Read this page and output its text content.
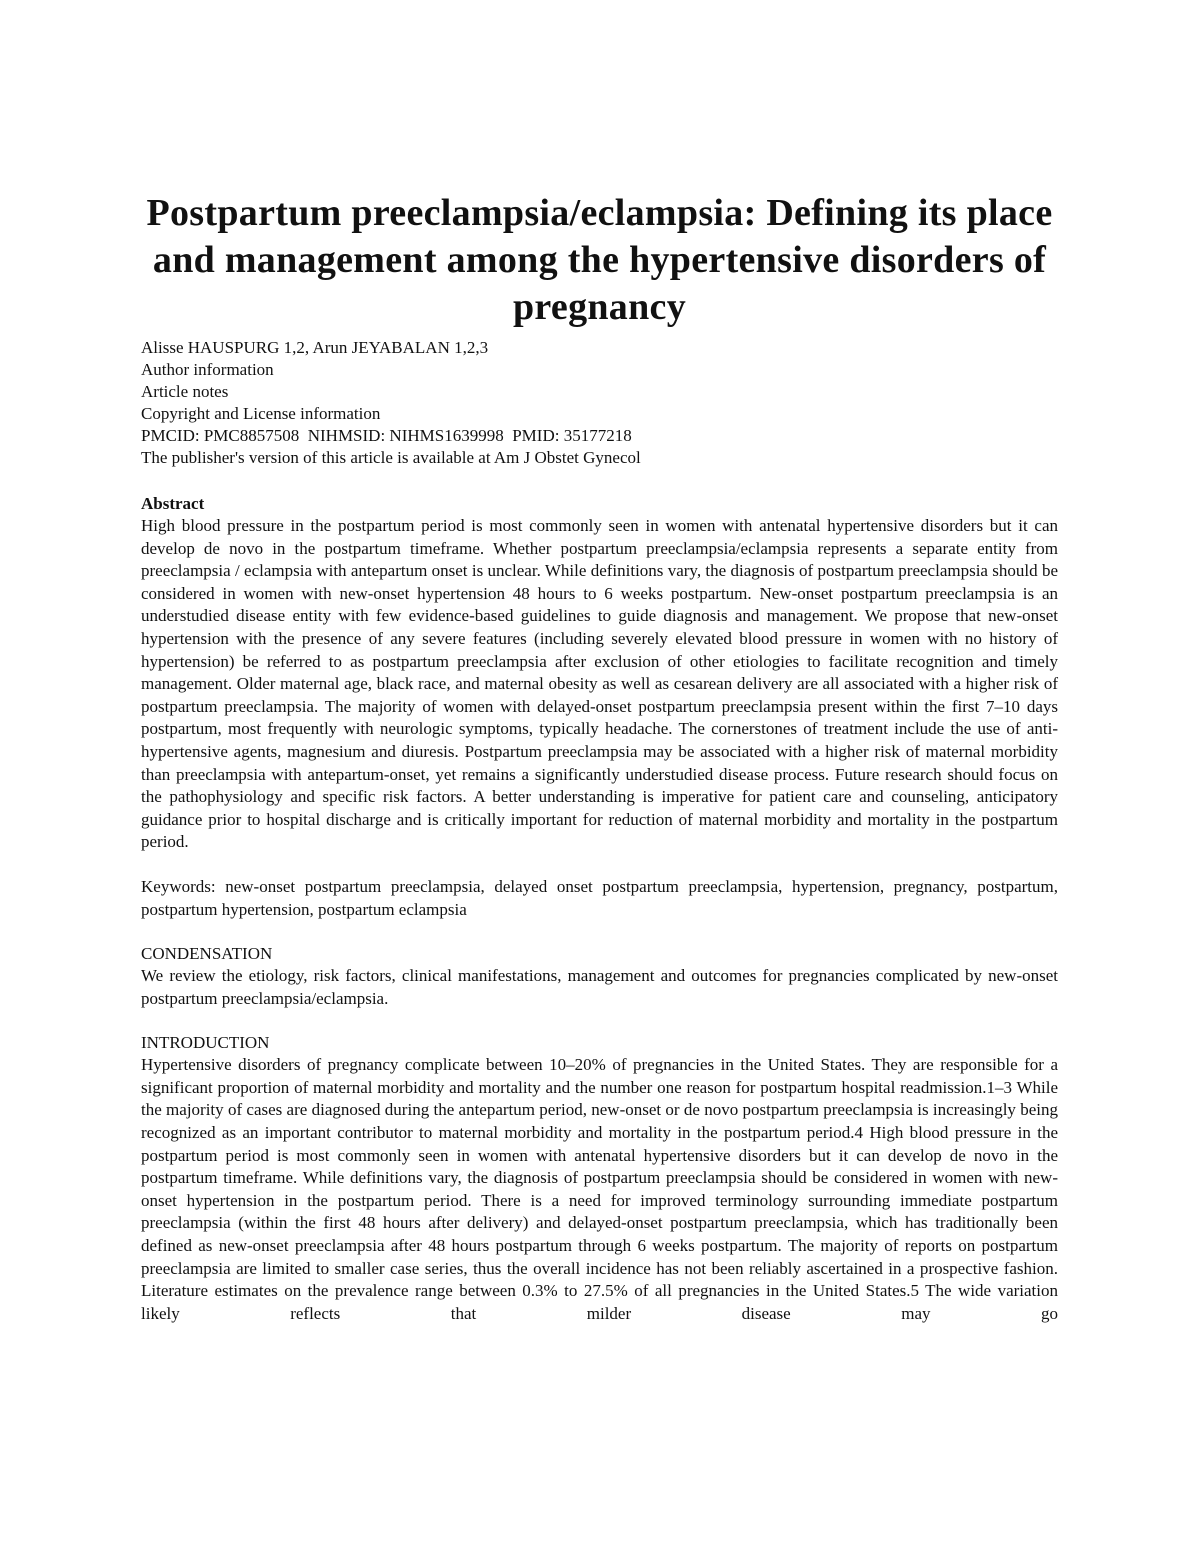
Postpartum preeclampsia/eclampsia: Defining its place and management among the hypertensive disorders of pregnancy

Alisse HAUSPURG 1,2, Arun JEYABALAN 1,2,3

Author information

Article notes

Copyright and License information

PMCID: PMC8857508  NIHMSID: NIHMS1639998  PMID: 35177218

The publisher's version of this article is available at Am J Obstet Gynecol

Abstract

High blood pressure in the postpartum period is most commonly seen in women with antenatal hypertensive disorders but it can develop de novo in the postpartum timeframe. Whether postpartum preeclampsia/eclampsia represents a separate entity from preeclampsia / eclampsia with antepartum onset is unclear. While definitions vary, the diagnosis of postpartum preeclampsia should be considered in women with new-onset hypertension 48 hours to 6 weeks postpartum. New-onset postpartum preeclampsia is an understudied disease entity with few evidence-based guidelines to guide diagnosis and management. We propose that new-onset hypertension with the presence of any severe features (including severely elevated blood pressure in women with no history of hypertension) be referred to as postpartum preeclampsia after exclusion of other etiologies to facilitate recognition and timely management. Older maternal age, black race, and maternal obesity as well as cesarean delivery are all associated with a higher risk of postpartum preeclampsia. The majority of women with delayed-onset postpartum preeclampsia present within the first 7–10 days postpartum, most frequently with neurologic symptoms, typically headache. The cornerstones of treatment include the use of anti-hypertensive agents, magnesium and diuresis. Postpartum preeclampsia may be associated with a higher risk of maternal morbidity than preeclampsia with antepartum-onset, yet remains a significantly understudied disease process. Future research should focus on the pathophysiology and specific risk factors. A better understanding is imperative for patient care and counseling, anticipatory guidance prior to hospital discharge and is critically important for reduction of maternal morbidity and mortality in the postpartum period.

Keywords: new-onset postpartum preeclampsia, delayed onset postpartum preeclampsia, hypertension, pregnancy, postpartum, postpartum hypertension, postpartum eclampsia

CONDENSATION

We review the etiology, risk factors, clinical manifestations, management and outcomes for pregnancies complicated by new-onset postpartum preeclampsia/eclampsia.

INTRODUCTION

Hypertensive disorders of pregnancy complicate between 10–20% of pregnancies in the United States. They are responsible for a significant proportion of maternal morbidity and mortality and the number one reason for postpartum hospital readmission.1–3 While the majority of cases are diagnosed during the antepartum period, new-onset or de novo postpartum preeclampsia is increasingly being recognized as an important contributor to maternal morbidity and mortality in the postpartum period.4 High blood pressure in the postpartum period is most commonly seen in women with antenatal hypertensive disorders but it can develop de novo in the postpartum timeframe. While definitions vary, the diagnosis of postpartum preeclampsia should be considered in women with new-onset hypertension in the postpartum period. There is a need for improved terminology surrounding immediate postpartum preeclampsia (within the first 48 hours after delivery) and delayed-onset postpartum preeclampsia, which has traditionally been defined as new-onset preeclampsia after 48 hours postpartum through 6 weeks postpartum. The majority of reports on postpartum preeclampsia are limited to smaller case series, thus the overall incidence has not been reliably ascertained in a prospective fashion. Literature estimates on the prevalence range between 0.3% to 27.5% of all pregnancies in the United States.5 The wide variation likely reflects that milder disease may go
